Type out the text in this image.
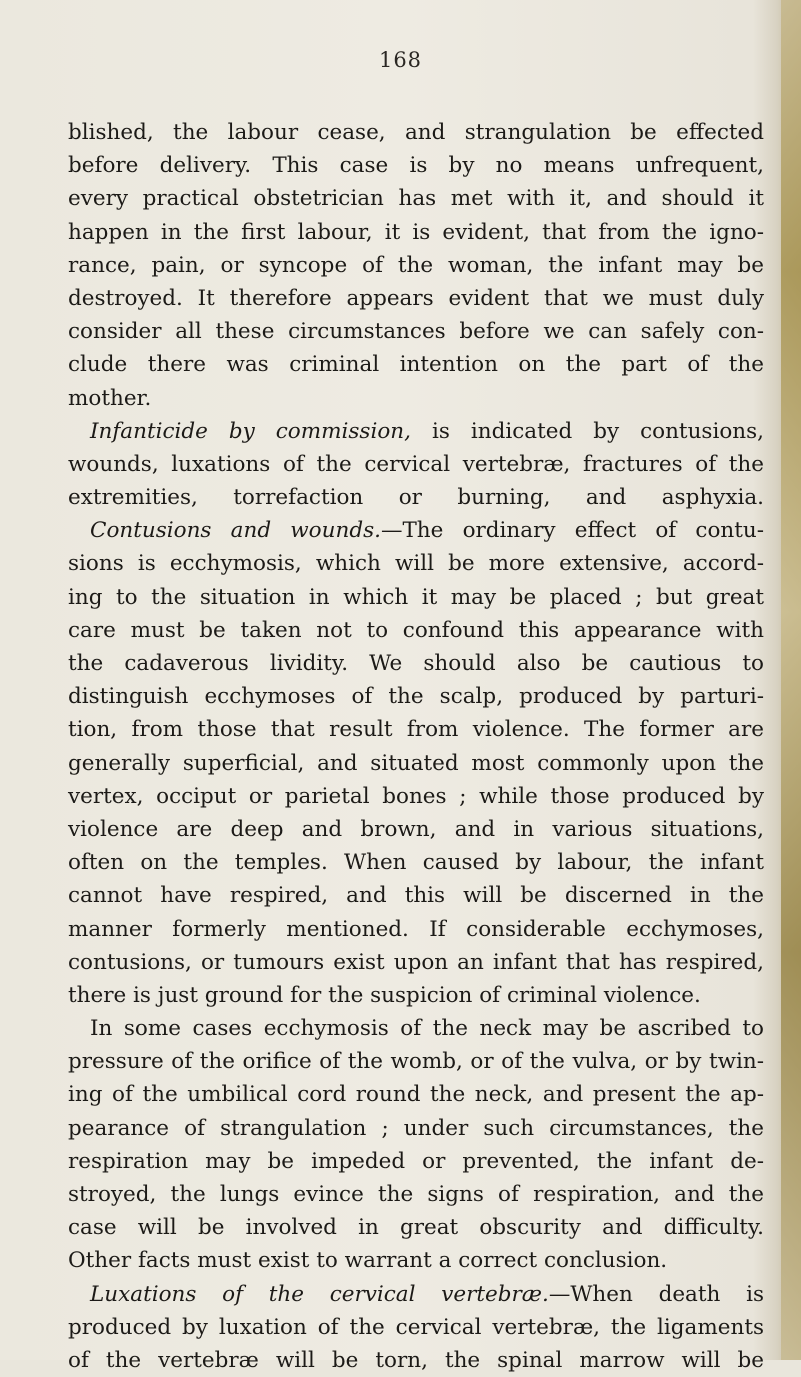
168
blished, the labour cease, and strangulation be effected
before delivery. This case is by no means unfrequent,
every practical obstetrician has met with it, and should it
happen in the first labour, it is evident, that from the igno-
rance, pain, or syncope of the woman, the infant may be
destroyed. It therefore appears evident that we must duly
consider all these circumstances before we can safely con-
clude there was criminal intention on the part of the
mother.
Infanticide by commission, is indicated by contusions,
wounds, luxations of the cervical vertebræ, fractures of the
extremities, torrefaction or burning, and asphyxia.
Contusions and wounds.—The ordinary effect of contu-
sions is ecchymosis, which will be more extensive, accord-
ing to the situation in which it may be placed ; but great
care must be taken not to confound this appearance with
the cadaverous lividity. We should also be cautious to
distinguish ecchymoses of the scalp, produced by parturi-
tion, from those that result from violence. The former are
generally superficial, and situated most commonly upon the
vertex, occiput or parietal bones ; while those produced by
violence are deep and brown, and in various situations,
often on the temples. When caused by labour, the infant
cannot have respired, and this will be discerned in the
manner formerly mentioned. If considerable ecchymoses,
contusions, or tumours exist upon an infant that has respired,
there is just ground for the suspicion of criminal violence.
In some cases ecchymosis of the neck may be ascribed to
pressure of the orifice of the womb, or of the vulva, or by twin-
ing of the umbilical cord round the neck, and present the ap-
pearance of strangulation ; under such circumstances, the
respiration may be impeded or prevented, the infant de-
stroyed, the lungs evince the signs of respiration, and the
case will be involved in great obscurity and difficulty.
Other facts must exist to warrant a correct conclusion.
Luxations of the cervical vertebræ.—When death is
produced by luxation of the cervical vertebræ, the ligaments
of the vertebræ will be torn, the spinal marrow will be
